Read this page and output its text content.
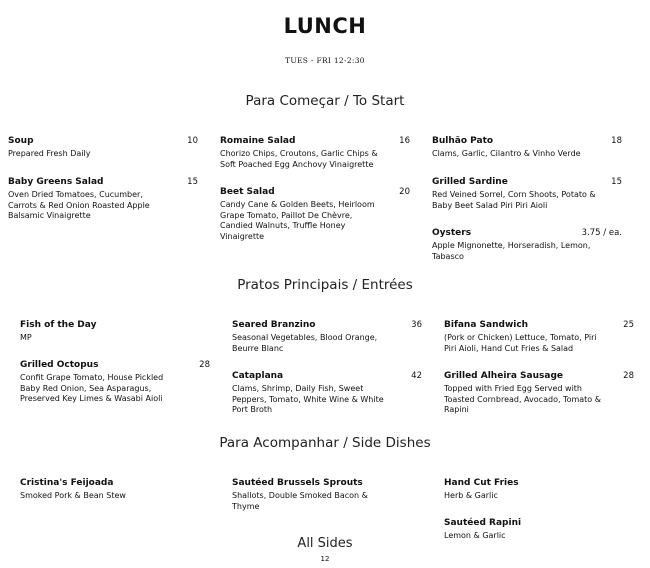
LUNCH
TUES - FRI 12-2:30
Para Começar / To Start
Soup	10
Prepared Fresh Daily
Baby Greens Salad	15
Oven Dried Tomatoes, Cucumber, Carrots & Red Onion Roasted Apple Balsamic Vinaigrette
Romaine Salad	16
Chorizo Chips, Croutons, Garlic Chips & Soft Poached Egg Anchovy Vinaigrette
Beet Salad	20
Candy Cane & Golden Beets, Heirloom Grape Tomato, Paillot De Chèvre, Candied Walnuts, Truffle Honey Vinaigrette
Bulhão Pato	18
Clams, Garlic, Cilantro & Vinho Verde
Grilled Sardine	15
Red Veined Sorrel, Corn Shoots, Potato & Baby Beet Salad Piri Piri Aioli
Oysters	3.75 / ea.
Apple Mignonette, Horseradish, Lemon, Tabasco
Pratos Principais / Entrées
Fish of the Day
MP
Grilled Octopus	28
Confit Grape Tomato, House Pickled Baby Red Onion, Sea Asparagus, Preserved Key Limes & Wasabi Aioli
Seared Branzino	36
Seasonal Vegetables, Blood Orange, Beurre Blanc
Cataplana	42
Clams, Shrimp, Daily Fish, Sweet Peppers, Tomato, White Wine & White Port Broth
Bifana Sandwich	25
(Pork or Chicken) Lettuce, Tomato, Piri Piri Aioli, Hand Cut Fries & Salad
Grilled Alheira Sausage	28
Topped with Fried Egg Served with Toasted Cornbread, Avocado, Tomato & Rapini
Para Acompanhar / Side Dishes
Cristina's Feijoada
Smoked Pork & Bean Stew
Sautéed Brussels Sprouts
Shallots, Double Smoked Bacon & Thyme
Hand Cut Fries
Herb & Garlic
Sautéed Rapini
Lemon & Garlic
All Sides
12
